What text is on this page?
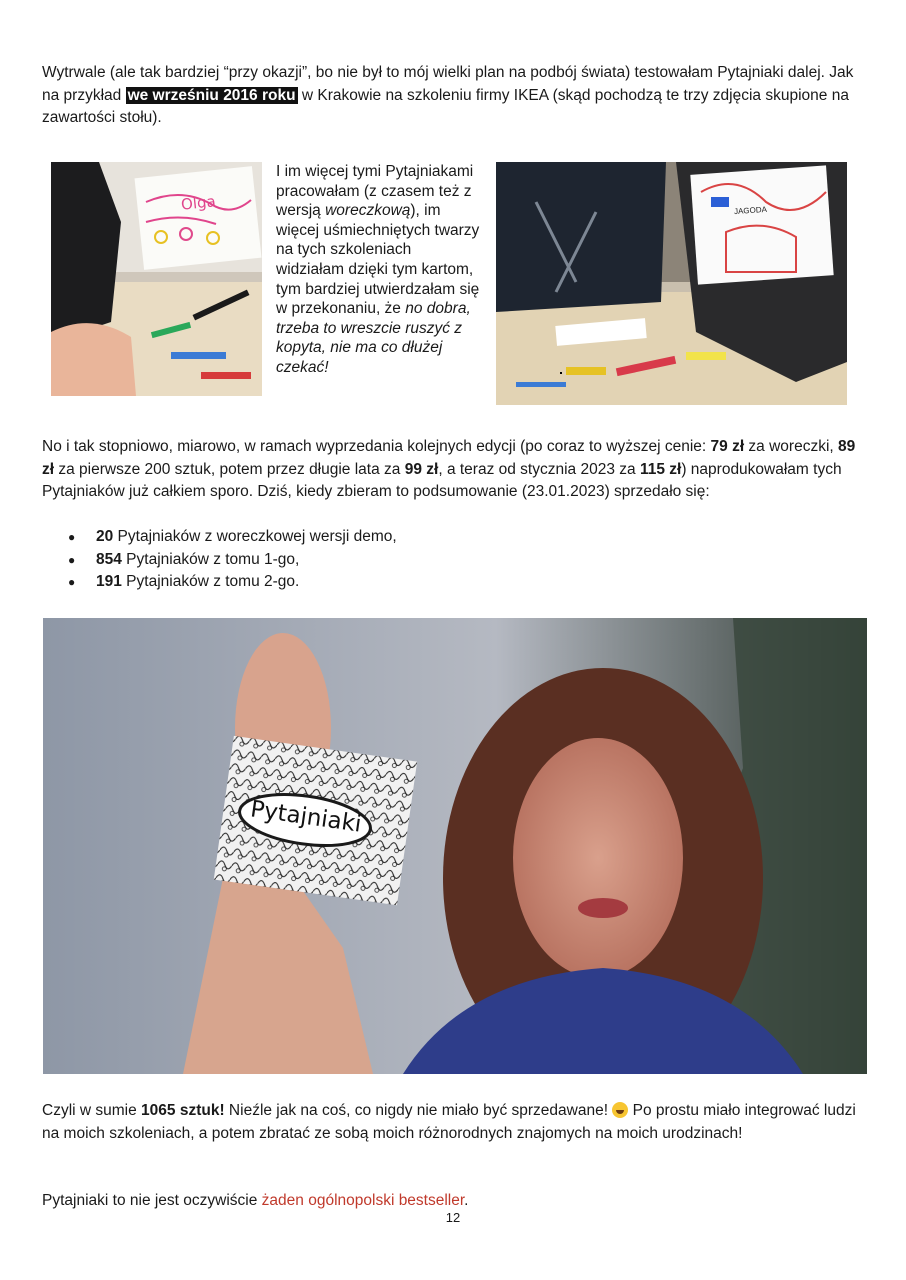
Wytrwale (ale tak bardziej “przy okazji”, bo nie był to mój wielki plan na podbój świata) testowałam Pytajniaki dalej. Jak na przykład we wrześniu 2016 roku w Krakowie na szkoleniu firmy IKEA (skąd pochodzą te trzy zdjęcia skupione na zawartości stołu).

Olga

I im więcej tymi Pytajniakami pracowałam (z czasem też z wersją woreczkową), im więcej uśmiechniętych twarzy na tych szkoleniach widziałam dzięki tym kartom, tym bardziej utwierdzałam się w przekonaniu, że no dobra, trzeba to wreszcie ruszyć z kopyta, nie ma co dłużej czekać!

JAGODA

No i tak stopniowo, miarowo, w ramach wyprzedania kolejnych edycji (po coraz to wyższej cenie: 79 zł za woreczki, 89 zł za pierwsze 200 sztuk, potem przez długie lata za 99 zł, a teraz od stycznia 2023 za 115 zł) naprodukowałam tych Pytajniaków już całkiem sporo. Dziś, kiedy zbieram to podsumowanie (23.01.2023) sprzedało się:

● 20 Pytajniaków z woreczkowej wersji demo,
● 854 Pytajniaków z tomu 1-go,
● 191 Pytajniaków z tomu 2-go.
Pytajniaki

Czyli w sumie 1065 sztuk! Nieźle jak na coś, co nigdy nie miało być sprzedawane!  Po prostu miało integrować ludzi na moich szkoleniach, a potem zbratać ze sobą moich różnorodnych znajomych na moich urodzinach!

Pytajniaki to nie jest oczywiście żaden ogólnopolski bestseller.

12
